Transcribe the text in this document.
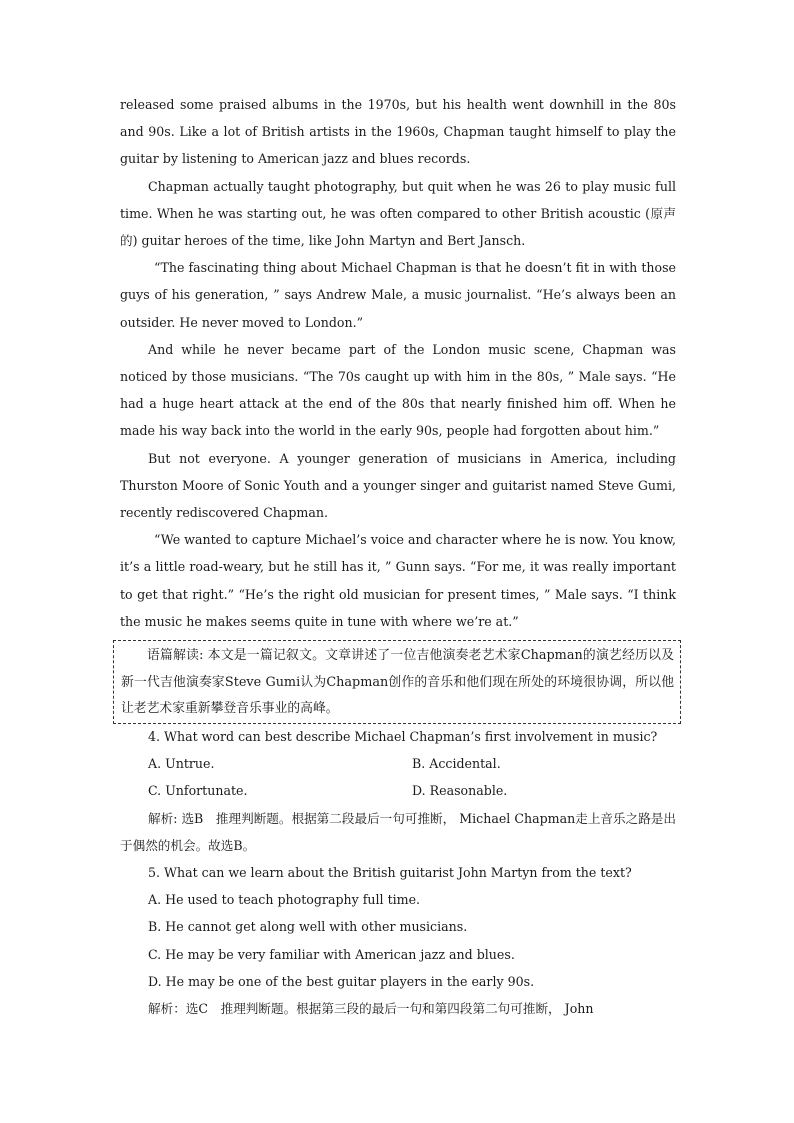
released some praised albums in the 1970s, but his health went downhill in the 80s and 90s. Like a lot of British artists in the 1960s, Chapman taught himself to play the guitar by listening to American jazz and blues records.

Chapman actually taught photography, but quit when he was 26 to play music full time. When he was starting out, he was often compared to other British acoustic (原声的) guitar heroes of the time, like John Martyn and Bert Jansch.

“The fascinating thing about Michael Chapman is that he doesn’t fit in with those guys of his generation, ” says Andrew Male, a music journalist. “He’s always been an outsider. He never moved to London.”

And while he never became part of the London music scene, Chapman was noticed by those musicians. “The 70s caught up with him in the 80s, ” Male says. “He had a huge heart attack at the end of the 80s that nearly finished him off. When he made his way back into the world in the early 90s, people had forgotten about him.”

But not everyone. A younger generation of musicians in America, including Thurston Moore of Sonic Youth and a younger singer and guitarist named Steve Gumi, recently rediscovered Chapman.

“We wanted to capture Michael’s voice and character where he is now. You know, it’s a little road-weary, but he still has it, ” Gunn says. “For me, it was really important to get that right.” “He’s the right old musician for present times, ” Male says. “I think the music he makes seems quite in tune with where we’re at.”

语篇解读: 本文是一篇记叙文。文章讲述了一位吉他演奏老艺术家Chapman的演艺经历以及新一代吉他演奏家Steve Gumi认为Chapman创作的音乐和他们现在所处的环境很协调，所以他让老艺术家重新攀登音乐事业的高峰。

4. What word can best describe Michael Chapman’s first involvement in music?

A. Untrue.	B. Accidental.
C. Unfortunate.	D. Reasonable.

解析: 选B　推理判断题。根据第二段最后一句可推断， Michael Chapman走上音乐之路是出于偶然的机会。故选B。

5. What can we learn about the British guitarist John Martyn from the text?

A. He used to teach photography full time.
B. He cannot get along well with other musicians.
C. He may be very familiar with American jazz and blues.
D. He may be one of the best guitar players in the early 90s.

解析：选C　推理判断题。根据第三段的最后一句和第四段第二句可推断， John
